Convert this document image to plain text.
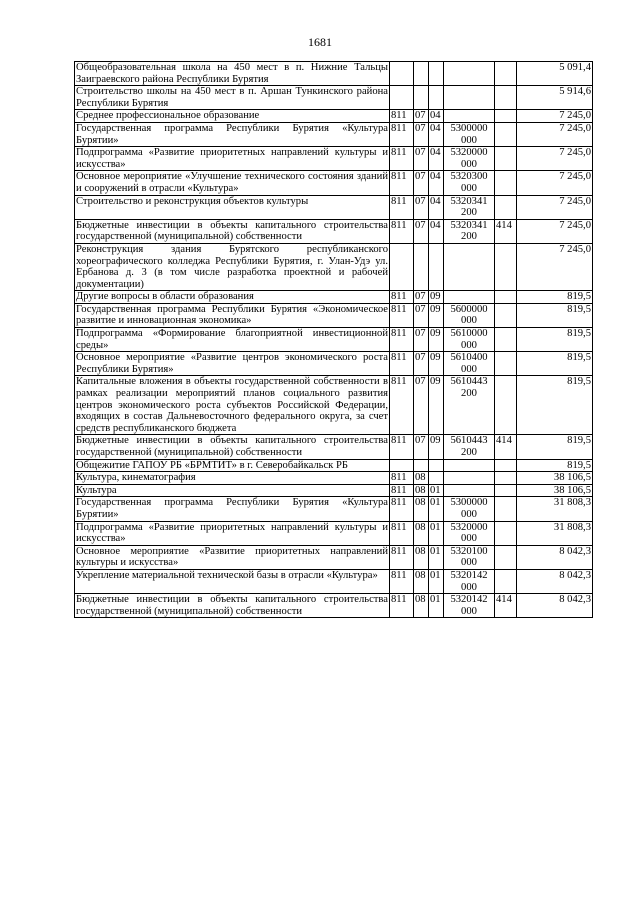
1681
Общеобразовательная школа на 450 мест в п. Нижние Тальцы Заиграевского района Республики Бурятия						5 091,4
Строительство школы на 450 мест в п. Аршан Тункинского района Республики Бурятия						5 914,6
Среднее профессиональное образование	811	07	04			7 245,0
Государственная программа Республики Бурятия «Культура Бурятии»	811	07	04	5300000 000		7 245,0
Подпрограмма «Развитие приоритетных направлений культуры и искусства»	811	07	04	5320000 000		7 245,0
Основное мероприятие «Улучшение технического состояния зданий и сооружений в отрасли «Культура»	811	07	04	5320300 000		7 245,0
Строительство и реконструкция объектов культуры	811	07	04	5320341 200		7 245,0
Бюджетные инвестиции в объекты капитального строительства государственной (муниципальной) собственности	811	07	04	5320341 200	414	7 245,0
Реконструкция здания Бурятского республиканского хореографического колледжа Республики Бурятия, г. Улан-Удэ ул. Ербанова д. 3 (в том числе разработка проектной и рабочей документации)						7 245,0
Другие вопросы в области образования	811	07	09			819,5
Государственная программа Республики Бурятия «Экономическое развитие и инновационная экономика»	811	07	09	5600000 000		819,5
Подпрограмма «Формирование благоприятной инвестиционной среды»	811	07	09	5610000 000		819,5
Основное мероприятие «Развитие центров экономического роста Республики Бурятия»	811	07	09	5610400 000		819,5
Капитальные вложения в объекты государственной собственности в рамках реализации мероприятий планов социального развития центров экономического роста субъектов Российской Федерации, входящих в состав Дальневосточного федерального округа, за счет средств республиканского бюджета	811	07	09	5610443 200		819,5
Бюджетные инвестиции в объекты капитального строительства государственной (муниципальной) собственности	811	07	09	5610443 200	414	819,5
Общежитие ГАПОУ РБ «БРМТИТ» в г. Северобайкальск РБ						819,5
Культура, кинематография	811	08				38 106,5
Культура	811	08	01			38 106,5
Государственная программа Республики Бурятия «Культура Бурятии»	811	08	01	5300000 000		31 808,3
Подпрограмма «Развитие приоритетных направлений культуры и искусства»	811	08	01	5320000 000		31 808,3
Основное мероприятие «Развитие приоритетных направлений культуры и искусства»	811	08	01	5320100 000		8 042,3
Укрепление материальной технической базы в отрасли «Культура»	811	08	01	5320142 000		8 042,3
Бюджетные инвестиции в объекты капитального строительства государственной (муниципальной) собственности	811	08	01	5320142 000	414	8 042,3
